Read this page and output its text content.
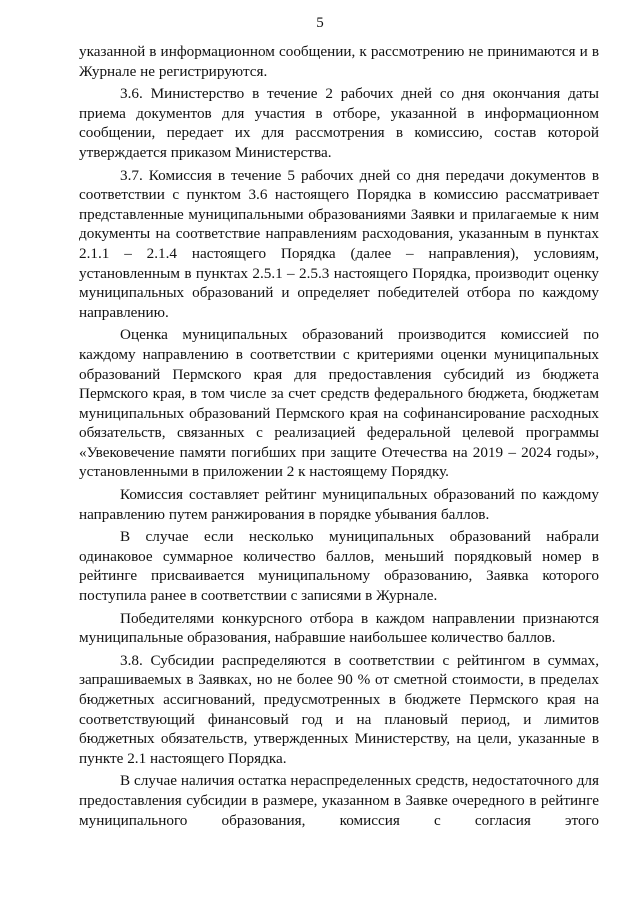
5

указанной в информационном сообщении, к рассмотрению не принимаются и в Журнале не регистрируются.

3.6. Министерство в течение 2 рабочих дней со дня окончания даты приема документов для участия в отборе, указанной в информационном сообщении, передает их для рассмотрения в комиссию, состав которой утверждается приказом Министерства.

3.7. Комиссия в течение 5 рабочих дней со дня передачи документов в соответствии с пунктом 3.6 настоящего Порядка в комиссию рассматривает представленные муниципальными образованиями Заявки и прилагаемые к ним документы на соответствие направлениям расходования, указанным в пунктах 2.1.1 – 2.1.4 настоящего Порядка (далее – направления), условиям, установленным в пунктах 2.5.1 – 2.5.3 настоящего Порядка, производит оценку муниципальных образований и определяет победителей отбора по каждому направлению.

Оценка муниципальных образований производится комиссией по каждому направлению в соответствии с критериями оценки муниципальных образований Пермского края для предоставления субсидий из бюджета Пермского края, в том числе за счет средств федерального бюджета, бюджетам муниципальных образований Пермского края на софинансирование расходных обязательств, связанных с реализацией федеральной целевой программы «Увековечение памяти погибших при защите Отечества на 2019 – 2024 годы», установленными в приложении 2 к настоящему Порядку.

Комиссия составляет рейтинг муниципальных образований по каждому направлению путем ранжирования в порядке убывания баллов.

В случае если несколько муниципальных образований набрали одинаковое суммарное количество баллов, меньший порядковый номер в рейтинге присваивается муниципальному образованию, Заявка которого поступила ранее в соответствии с записями в Журнале.

Победителями конкурсного отбора в каждом направлении признаются муниципальные образования, набравшие наибольшее количество баллов.

3.8. Субсидии распределяются в соответствии с рейтингом в суммах, запрашиваемых в Заявках, но не более 90 % от сметной стоимости, в пределах бюджетных ассигнований, предусмотренных в бюджете Пермского края на соответствующий финансовый год и на плановый период, и лимитов бюджетных обязательств, утвержденных Министерству, на цели, указанные в пункте 2.1 настоящего Порядка.

В случае наличия остатка нераспределенных средств, недостаточного для предоставления субсидии в размере, указанном в Заявке очередного в рейтинге муниципального образования, комиссия с согласия этого
